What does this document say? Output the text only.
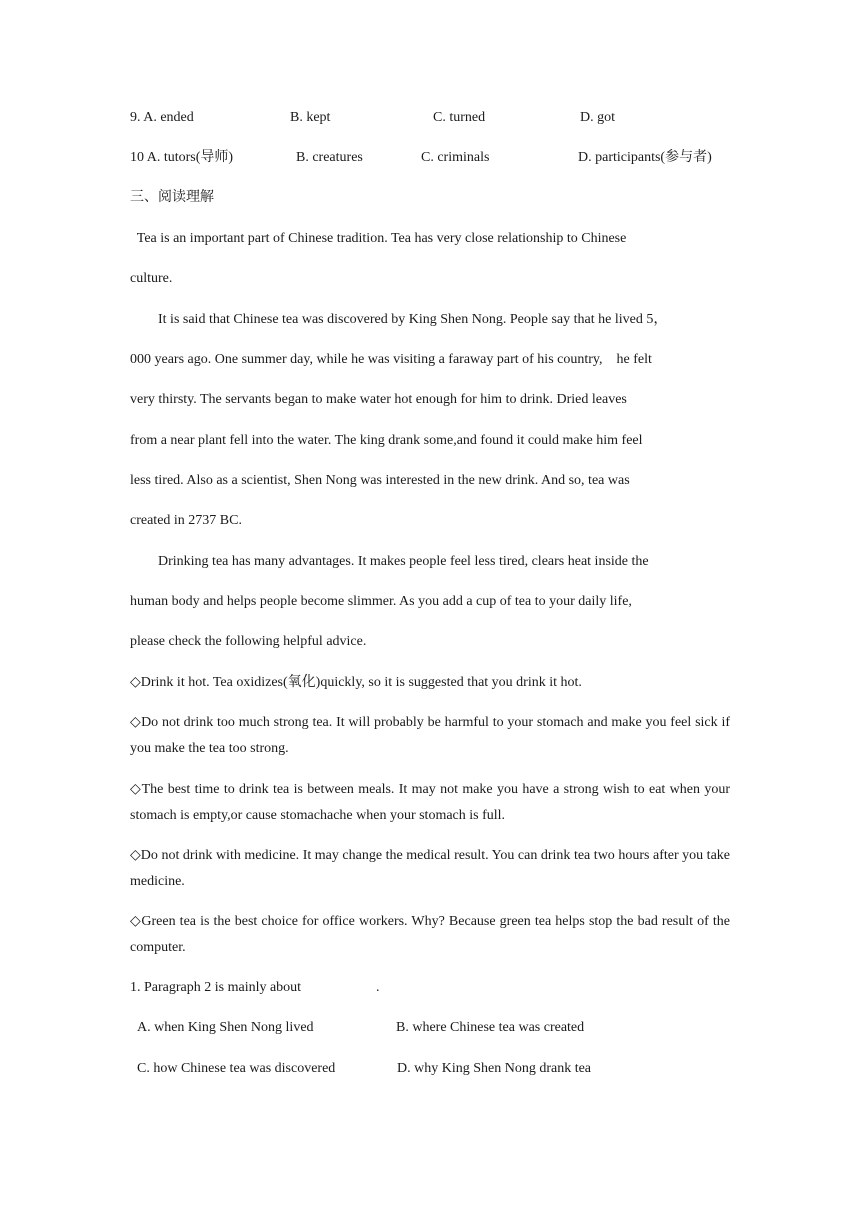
9. A. ended	B. kept	C. turned	D. got
10 A. tutors(导师)	B. creatures	C. criminals	D. participants(参与者)
三、阅读理解
Tea is an important part of Chinese tradition. Tea has very close relationship to Chinese
culture.
It is said that Chinese tea was discovered by King Shen Nong. People say that he lived 5，
000 years ago. One summer day, while he was visiting a faraway part of his country,    he felt
very thirsty. The servants began to make water hot enough for him to drink. Dried leaves
from a near plant fell into the water. The king drank some,and found it could make him feel
less tired. Also as a scientist, Shen Nong was interested in the new drink. And so, tea was
created in 2737 BC.
Drinking tea has many advantages. It makes people feel less tired, clears heat inside the
human body and helps people become slimmer. As you add a cup of tea to your daily life,
please check the following helpful advice.
◇Drink it hot. Tea oxidizes(氧化)quickly, so it is suggested that you drink it hot.
◇Do not drink too much strong tea. It will probably be harmful to your stomach and make you feel sick if you make the tea too strong.
◇The best time to drink tea is between meals. It may not make you have a strong wish to eat when your stomach is empty,or cause stomachache when your stomach is full.
◇Do not drink with medicine. It may change the medical result. You can drink tea two hours after you take medicine.
◇Green tea is the best choice for office workers. Why? Because green tea helps stop the bad result of the computer.
1. Paragraph 2 is mainly about	.
A. when King Shen Nong lived	B. where Chinese tea was created
C. how Chinese tea was discovered	D. why King Shen Nong drank tea
